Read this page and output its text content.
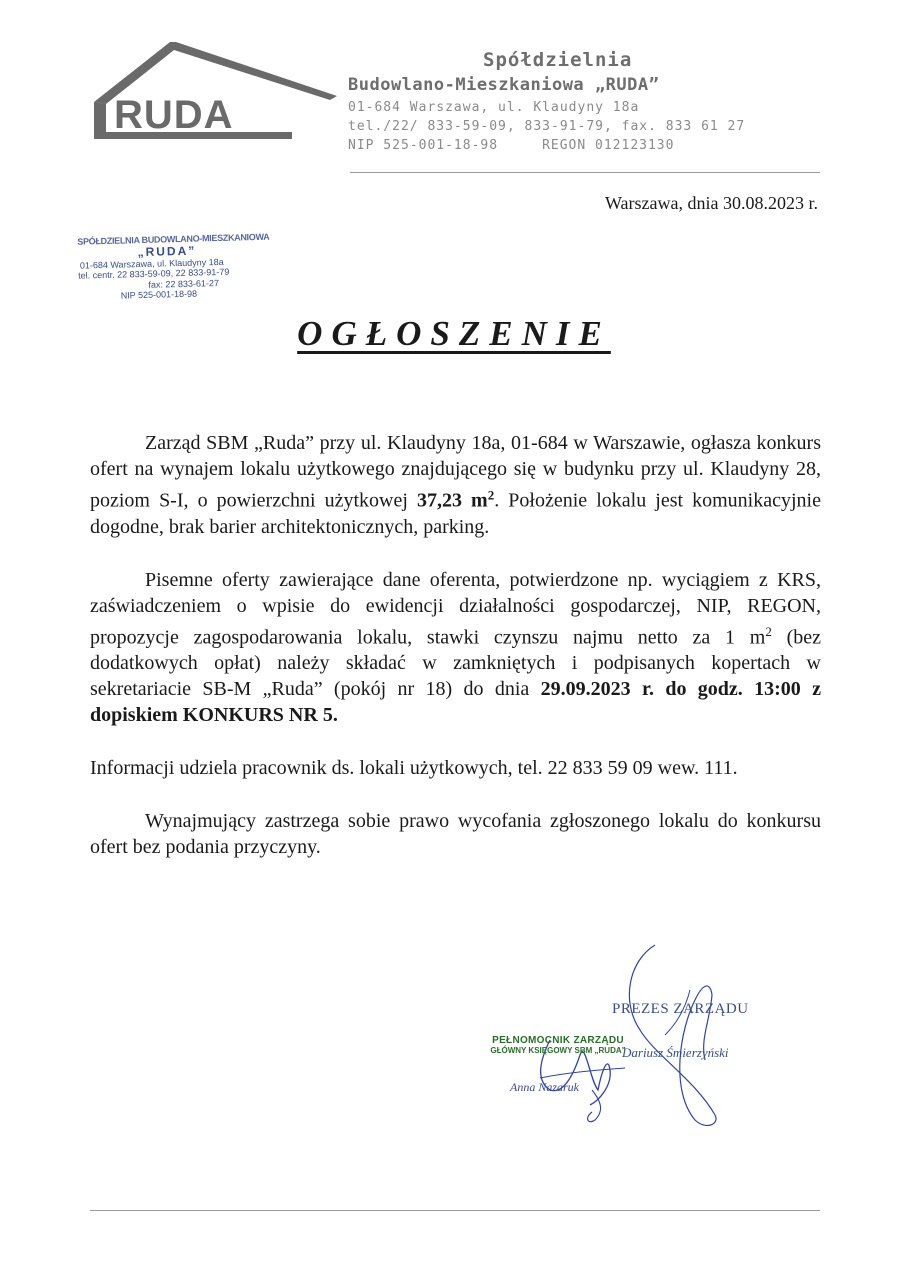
RUDA
Spółdzielnia
Budowlano-Mieszkaniowa „RUDA”
01-684 Warszawa, ul. Klaudyny 18a
tel./22/ 833-59-09, 833-91-79, fax. 833 61 27
NIP 525-001-18-98	REGON 012123130
Warszawa, dnia 30.08.2023 r.
SPÓŁDZIELNIA BUDOWLANO-MIESZKANIOWA
„RUDA”
01-684 Warszawa, ul. Klaudyny 18a
tel. centr. 22 833-59-09, 22 833-91-79
fax: 22 833-61-27
NIP 525-001-18-98
OGŁOSZENIE

Zarząd SBM „Ruda” przy ul. Klaudyny 18a, 01-684 w Warszawie, ogłasza konkurs ofert na wynajem lokalu użytkowego znajdującego się w budynku przy ul. Klaudyny 28, poziom S-I, o powierzchni użytkowej 37,23 $m^2$. Położenie lokalu jest komunikacyjnie dogodne, brak barier architektonicznych, parking.

Pisemne oferty zawierające dane oferenta, potwierdzone np. wyciągiem z KRS, zaświadczeniem o wpisie do ewidencji działalności gospodarczej, NIP, REGON, propozycje zagospodarowania lokalu, stawki czynszu najmu netto za 1 $m^2$ (bez dodatkowych opłat) należy składać w zamkniętych i podpisanych kopertach w sekretariacie SB-M „Ruda” (pokój nr 18) do dnia 29.09.2023 r. do godz. 13:00 z dopiskiem KONKURS NR 5.

Informacji udziela pracownik ds. lokali użytkowych, tel. 22 833 59 09 wew. 111.

Wynajmujący zastrzega sobie prawo wycofania zgłoszonego lokalu do konkursu ofert bez podania przyczyny.

PREZES ZARZĄDU
Dariusz Śmierzyński
PEŁNOMOCNIK ZARZĄDU
GŁÓWNY KSIĘGOWY SBM „RUDA”
Anna Nazaruk
